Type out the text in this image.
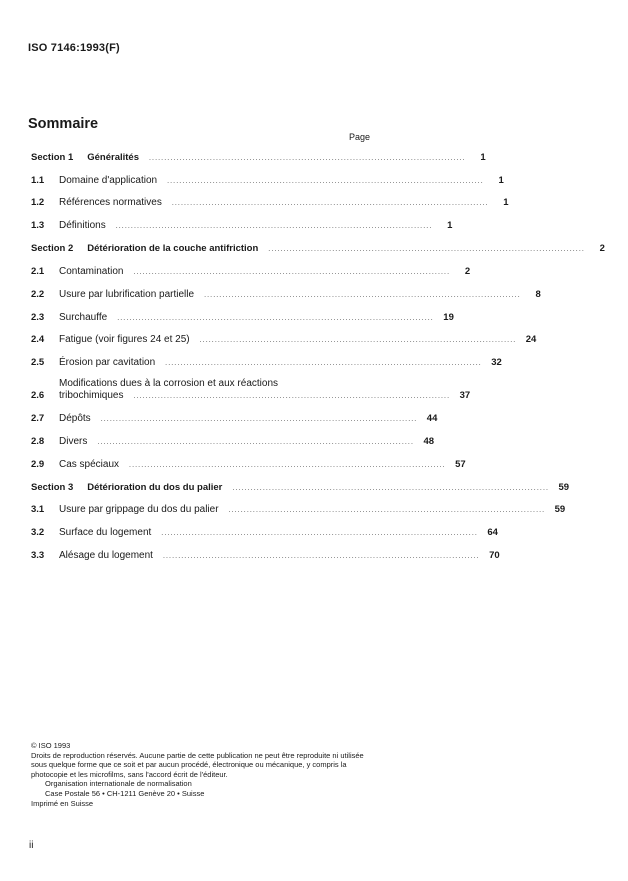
ISO 7146:1993(F)
Sommaire
Page
Section 1 Généralités ........................................................................................................	1
1.1	Domaine d'application ........................................................................................................	1
1.2	Références normatives ........................................................................................................	1
1.3	Définitions ........................................................................................................	1
Section 2 Détérioration de la couche antifriction ........................................................................................................	2
2.1	Contamination ........................................................................................................	2
2.2	Usure par lubrification partielle ........................................................................................................	8
2.3	Surchauffe ........................................................................................................ 19
2.4	Fatigue (voir figures 24 et 25) ........................................................................................................ 24
2.5	Érosion par cavitation ........................................................................................................ 32
2.6
Modifications dues à la corrosion et aux réactions
tribochimiques ........................................................................................................ 37
2.7	Dépôts ........................................................................................................ 44
2.8	Divers ........................................................................................................ 48
2.9	Cas spéciaux ........................................................................................................ 57
Section 3 Détérioration du dos du palier ........................................................................................................ 59
3.1	Usure par grippage du dos du palier ........................................................................................................ 59
3.2	Surface du logement ........................................................................................................ 64
3.3	Alésage du logement ........................................................................................................ 70
© ISO 1993
Droits de reproduction réservés. Aucune partie de cette publication ne peut être reproduite ni utilisée sous quelque forme que ce soit et par aucun procédé, électronique ou mécanique, y compris la photocopie et les microfilms, sans l'accord écrit de l'éditeur.
Organisation internationale de normalisation
Case Postale 56 • CH-1211 Genève 20 • Suisse
Imprimé en Suisse
ii
